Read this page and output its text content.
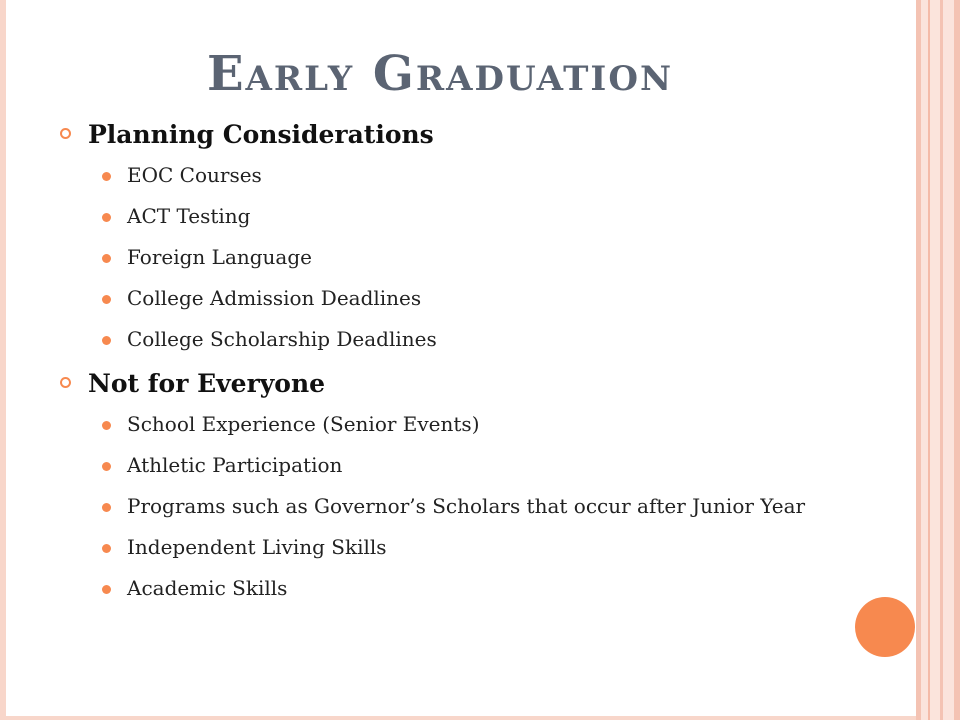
Early Graduation
Planning Considerations
EOC Courses
ACT Testing
Foreign Language
College Admission Deadlines
College Scholarship Deadlines
Not for Everyone
School Experience (Senior Events)
Athletic Participation
Programs such as Governor’s Scholars that occur after Junior Year
Independent Living Skills
Academic Skills
